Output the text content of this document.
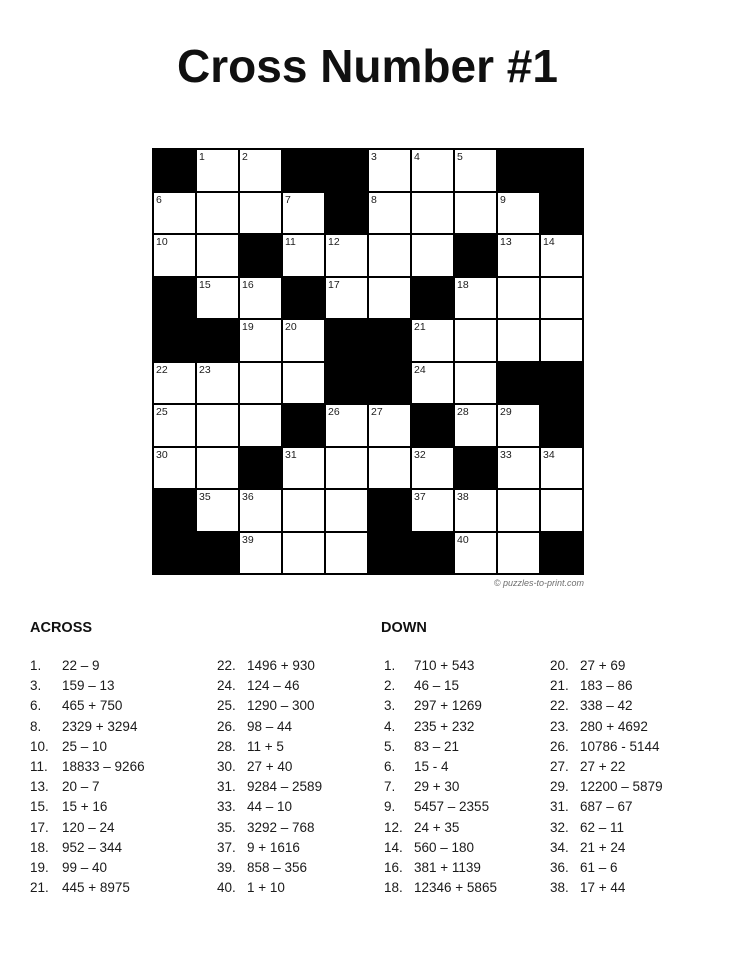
Cross Number #1
1	2	3	4	5
6	7	8	9
10	11	12	13	14
15	16	17	18
19	20	21
22	23	24
25	26	27	28	29
30	31	32	33	34
35	36	37	38
39	40
© puzzles-to-print.com
ACROSS	DOWN
1.	22 – 9
3.	159 – 13
6.	465 + 750
8.	2329 + 3294
10. 25 – 10
11.	18833 – 9266
13. 20 – 7
15. 15 + 16
17. 120 – 24
18. 952 – 344
19. 99 – 40
21. 445 + 8975
22. 1496 + 930
24. 124 – 46
25. 1290 – 300
26. 98 – 44
28. 11 + 5
30. 27 + 40
31. 9284 – 2589
33. 44 – 10
35. 3292 – 768
37. 9 + 1616
39. 858 – 356
40. 1 + 10
1.	710 + 543
2.	46 – 15
3.	297 + 1269
4.	235 + 232
5.	83 – 21
6.	15 - 4
7.	29 + 30
9.	5457 – 2355
12. 24 + 35
14. 560 – 180
16. 381 + 1139
18. 12346 + 5865
20. 27 + 69
21. 183 – 86
22. 338 – 42
23. 280 + 4692
26. 10786 - 5144
27. 27 + 22
29. 12200 – 5879
31. 687 – 67
32. 62 – 11
34. 21 + 24
36. 61 – 6
38. 17 + 44
